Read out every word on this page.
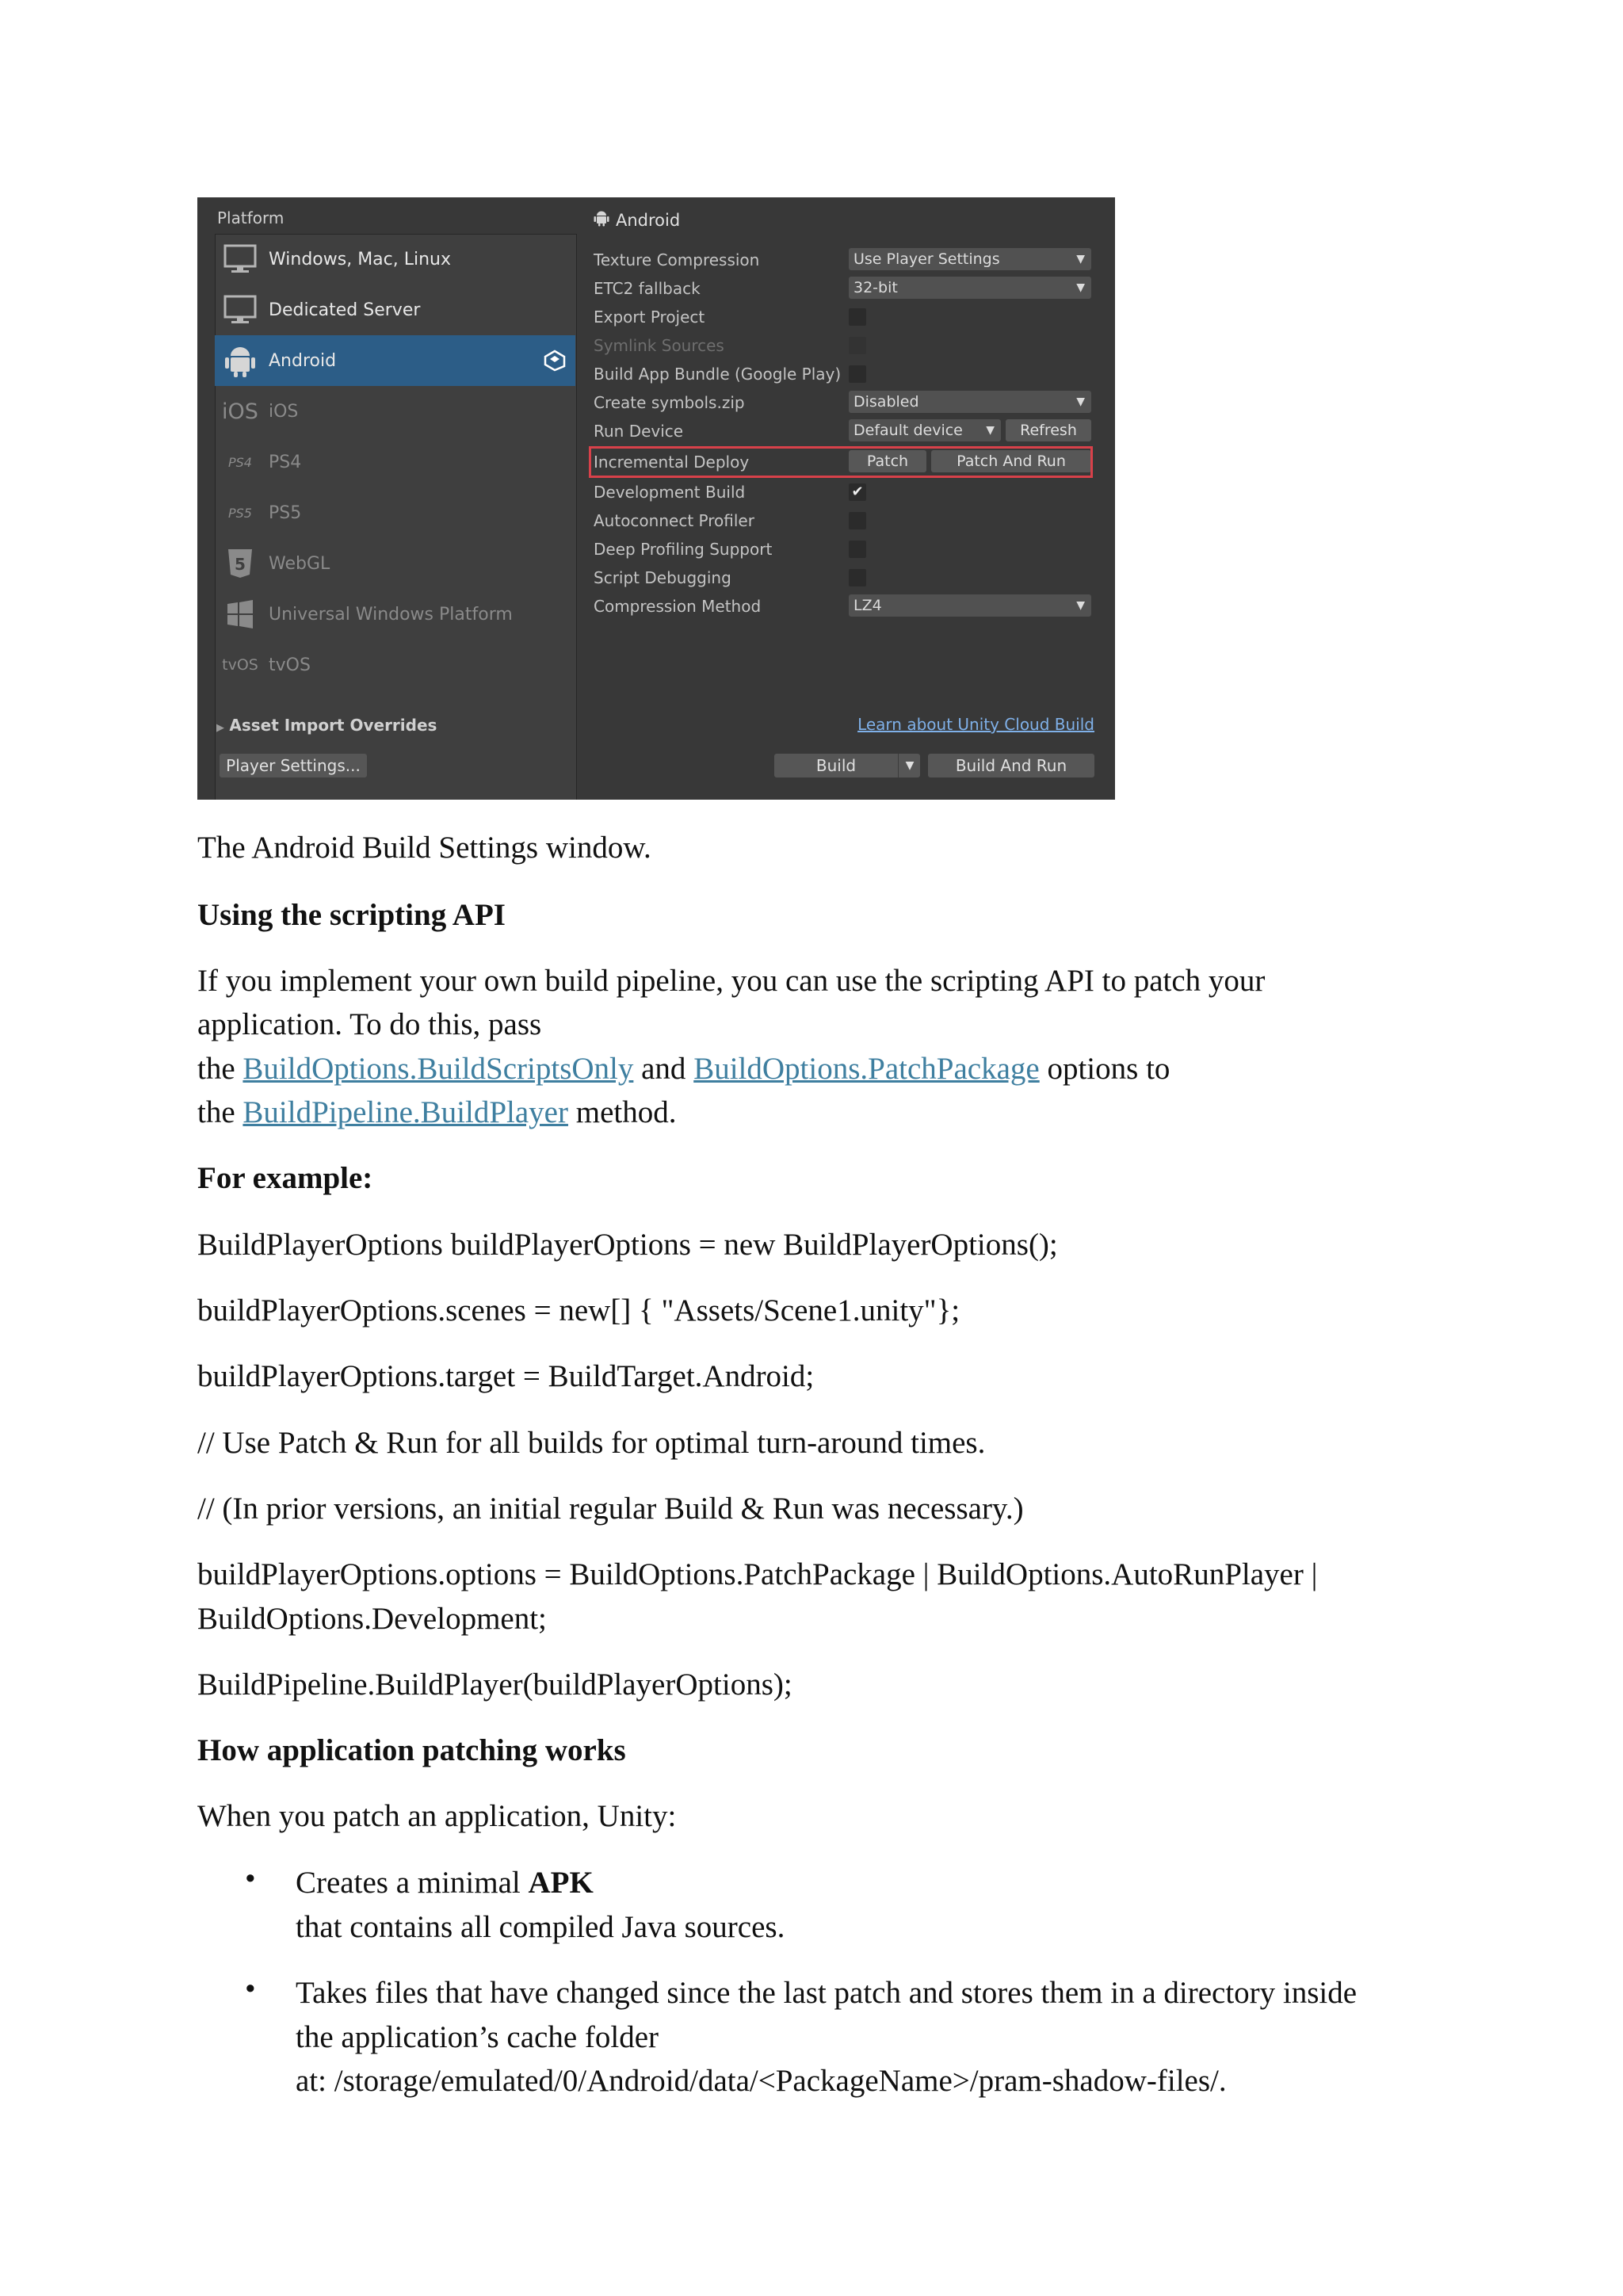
Platform
Windows, Mac, Linux
Dedicated Server
Android
iOS iOS
PS4 PS4
PS5 PS5
5 WebGL
Universal Windows Platform
tvOS tvOS
Android
Texture Compression	Use Player Settings	▼
ETC2 fallback	32-bit	▼
Export Project
Symlink Sources
Build App Bundle (Google Play)
Create symbols.zip	Disabled	▼
Run Device	Default device ▼	Refresh
Incremental Deploy	Patch	Patch And Run
Development Build	✔
Autoconnect Profiler
Deep Profiling Support
Script Debugging
Compression Method	LZ4	▼
▶ Asset Import Overrides	Learn about Unity Cloud Build
Player Settings...	Build	▼	Build And Run
The Android Build Settings window.
Using the scripting API
If you implement your own build pipeline, you can use the scripting API to patch your
application. To do this, pass
the BuildOptions.BuildScriptsOnly and BuildOptions.PatchPackage options to
the BuildPipeline.BuildPlayer method.
For example:
BuildPlayerOptions buildPlayerOptions = new BuildPlayerOptions();
buildPlayerOptions.scenes = new[] { "Assets/Scene1.unity"};
buildPlayerOptions.target = BuildTarget.Android;
// Use Patch & Run for all builds for optimal turn-around times.
// (In prior versions, an initial regular Build & Run was necessary.)
buildPlayerOptions.options = BuildOptions.PatchPackage | BuildOptions.AutoRunPlayer |
BuildOptions.Development;
BuildPipeline.BuildPlayer(buildPlayerOptions);
How application patching works
When you patch an application, Unity:
• Creates a minimal APK
that contains all compiled Java sources.
• Takes files that have changed since the last patch and stores them in a directory inside
the application’s cache folder
at: /storage/emulated/0/Android/data/<PackageName>/pram-shadow-files/.
